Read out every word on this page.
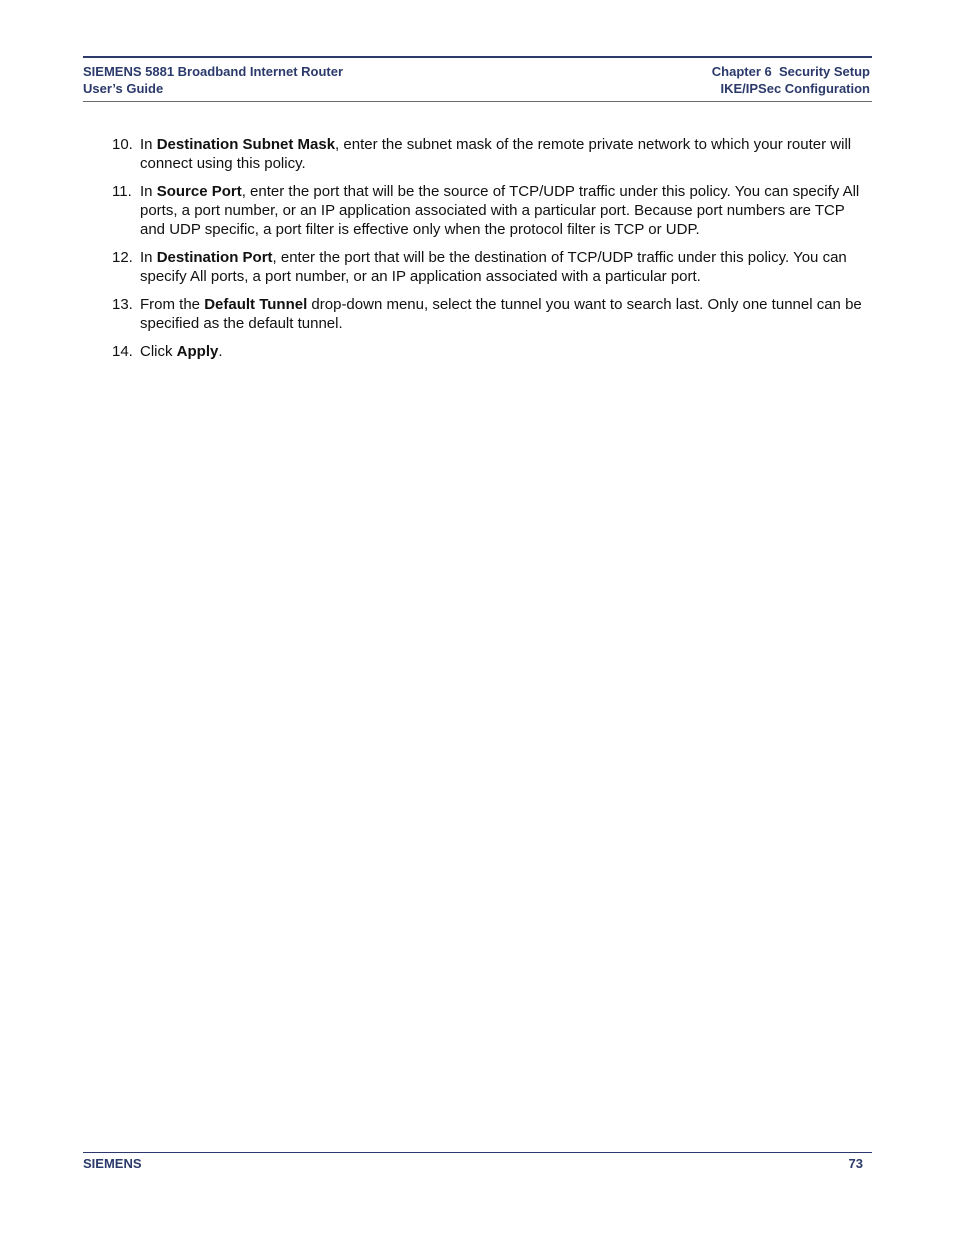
SIEMENS 5881 Broadband Internet Router
User’s Guide
Chapter 6  Security Setup
IKE/IPSec Configuration
10. In Destination Subnet Mask, enter the subnet mask of the remote private network to which your router will connect using this policy.
11. In Source Port, enter the port that will be the source of TCP/UDP traffic under this policy. You can specify All ports, a port number, or an IP application associated with a particular port. Because port numbers are TCP and UDP specific, a port filter is effective only when the protocol filter is TCP or UDP.
12. In Destination Port, enter the port that will be the destination of TCP/UDP traffic under this policy. You can specify All ports, a port number, or an IP application associated with a particular port.
13. From the Default Tunnel drop-down menu, select the tunnel you want to search last. Only one tunnel can be specified as the default tunnel.
14. Click Apply.
SIEMENS	73
